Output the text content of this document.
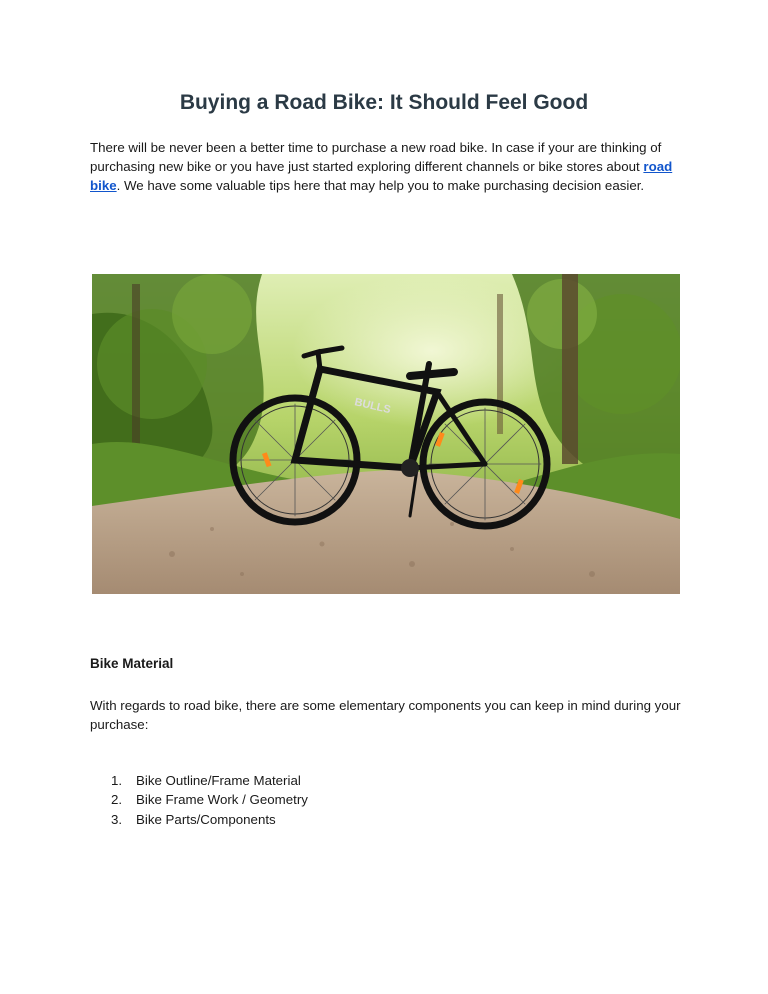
Buying a Road Bike: It Should Feel Good

There will be never been a better time to purchase a new road bike. In case if your are thinking of purchasing new bike or you have just started exploring different channels or bike stores about road bike. We have some valuable tips here that may help you to make purchasing decision easier.

BULLS
Bike Material

With regards to road bike, there are some elementary components you can keep in mind during your purchase:

1.	Bike Outline/Frame Material
2.	Bike Frame Work / Geometry
3.	Bike Parts/Components
